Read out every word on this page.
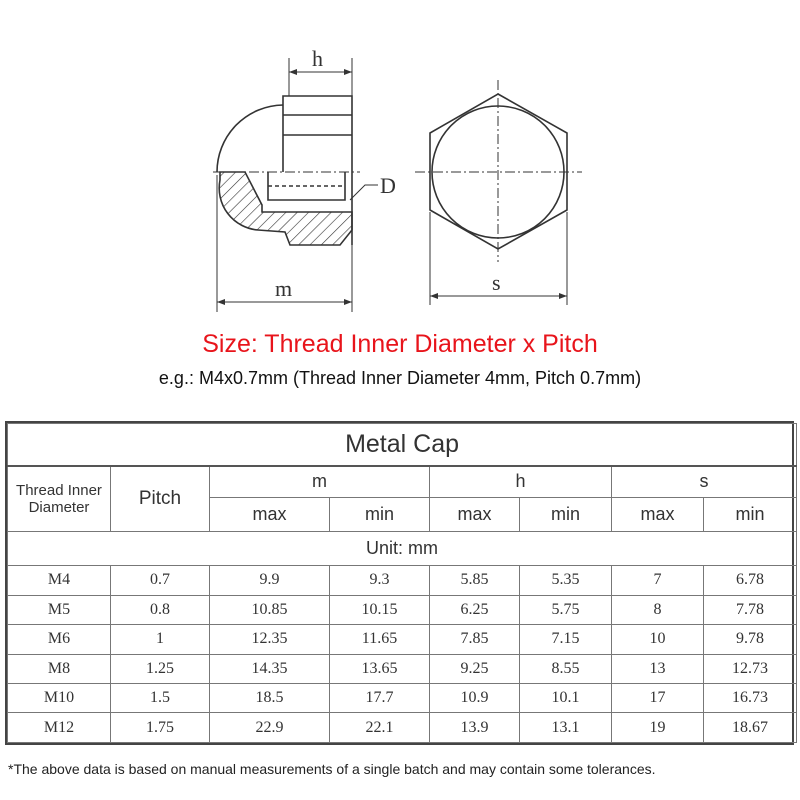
h
m
D
s
Size: Thread Inner Diameter x Pitch
e.g.: M4x0.7mm (Thread Inner Diameter 4mm, Pitch 0.7mm)
Metal Cap							
Thread Inner Diameter	Pitch	m		h		s	
		max	min	max	min	max	min
Unit: mm							
M4	0.7	9.9	9.3	5.85	5.35	7	6.78
M5	0.8	10.85	10.15	6.25	5.75	8	7.78
M6	1	12.35	11.65	7.85	7.15	10	9.78
M8	1.25	14.35	13.65	9.25	8.55	13	12.73
M10	1.5	18.5	17.7	10.9	10.1	17	16.73
M12	1.75	22.9	22.1	13.9	13.1	19	18.67
*The above data is based on manual measurements of a single batch and may contain some tolerances.
